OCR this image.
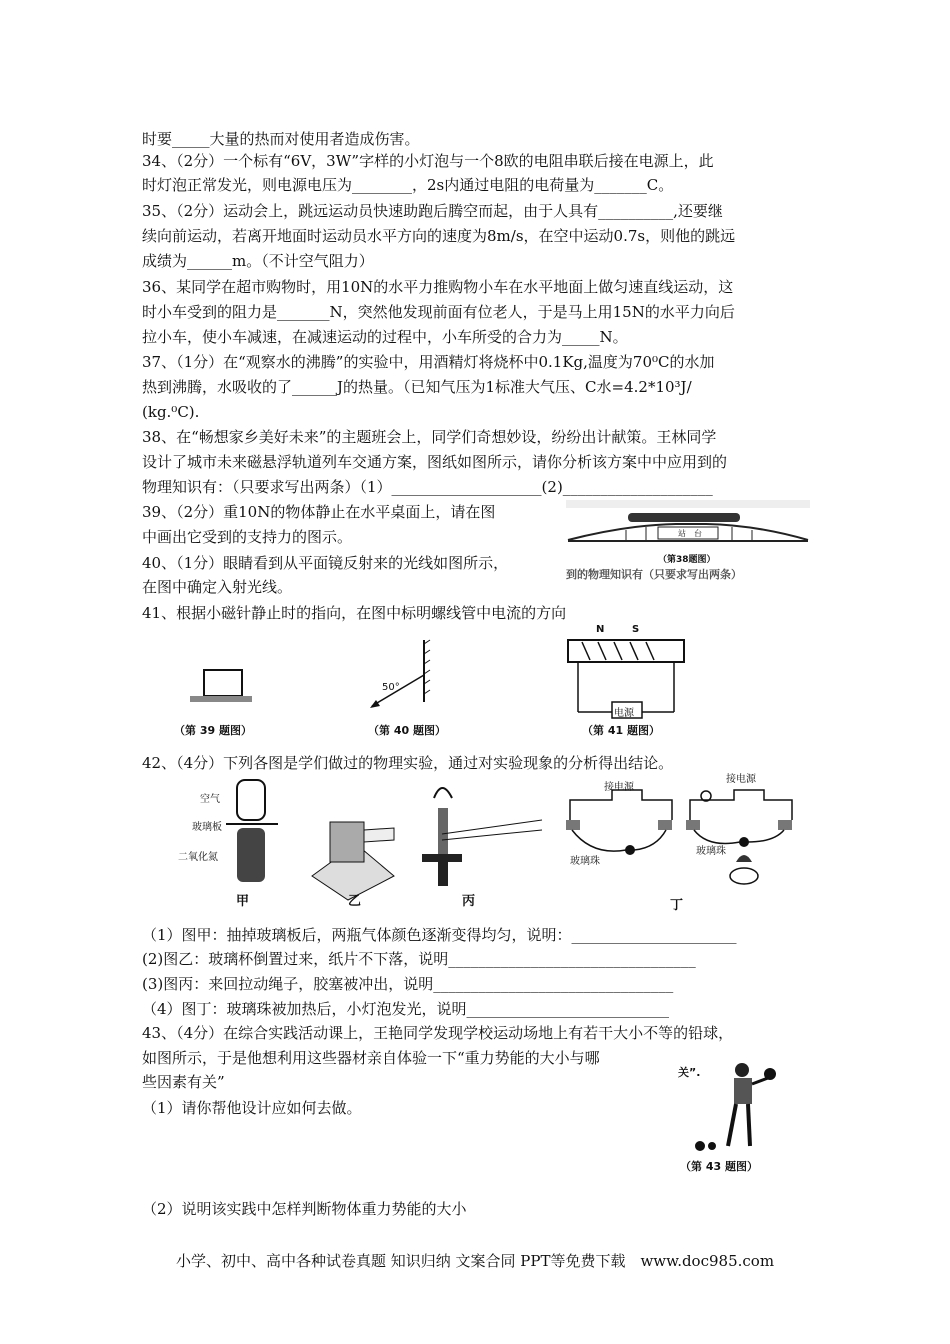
时要_____大量的热而对使用者造成伤害。
34、（2分）一个标有“6V，3W”字样的小灯泡与一个8欧的电阻串联后接在电源上，此
时灯泡正常发光，则电源电压为________，2s内通过电阻的电荷量为_______C。
35、（2分）运动会上，跳远运动员快速助跑后腾空而起，由于人具有__________,还要继
续向前运动，若离开地面时运动员水平方向的速度为8m/s，在空中运动0.7s，则他的跳远
成绩为______m。（不计空气阻力）
36、某同学在超市购物时，用10N的水平力推购物小车在水平地面上做匀速直线运动，这
时小车受到的阻力是_______N，突然他发现前面有位老人，于是马上用15N的水平力向后
拉小车，使小车减速，在减速运动的过程中，小车所受的合力为_____N。
37、（1分）在“观察水的沸腾”的实验中，用酒精灯将烧杯中0.1Kg,温度为70⁰C的水加
热到沸腾，水吸收的了______J的热量。（已知气压为1标准大气压、C水=4.2*10³J/
(kg.⁰C).
38、在“畅想家乡美好未来”的主题班会上，同学们奇想妙设，纷纷出计献策。王林同学
设计了城市未来磁悬浮轨道列车交通方案，图纸如图所示，请你分析该方案中中应用到的
物理知识有：（只要求写出两条）（1）____________________(2)____________________
39、（2分）重10N的物体静止在水平桌面上，请在图
中画出它受到的支持力的图示。
40、（1分）眼睛看到从平面镜反射来的光线如图所示，
在图中确定入射光线。
41、根据小磁针静止时的指向，在图中标明螺线管中电流的方向
42、（4分）下列各图是学们做过的物理实验，通过对实验现象的分析得出结论。
（1）图甲：抽掉玻璃板后，两瓶气体颜色逐渐变得均匀，说明：______________________
(2)图乙：玻璃杯倒置过来，纸片不下落，说明_________________________________
(3)图丙：来回拉动绳子，胶塞被冲出，说明________________________________
（4）图丁：玻璃珠被加热后，小灯泡发光，说明___________________________
43、（4分）在综合实践活动课上，王艳同学发现学校运动场地上有若干大小不等的铅球，
如图所示，于是他想利用这些器材亲自体验一下“重力势能的大小与哪
些因素有关”
（1）请你帮他设计应如何去做。
（2）说明该实践中怎样判断物体重力势能的大小
站　台
（第38题图）
到的物理知识有（只要求写出两条）
50°
N	S
电源
（第 39 题图）	（第 40 题图）	（第 41 题图）
空气
玻璃板
二氧化氮
接电源
接电源
玻璃珠
玻璃珠
甲	乙	丙	丁
关”.
（第 43 题图）
小学、初中、高中各种试卷真题 知识归纳 文案合同 PPT等免费下载　www.doc985.com
